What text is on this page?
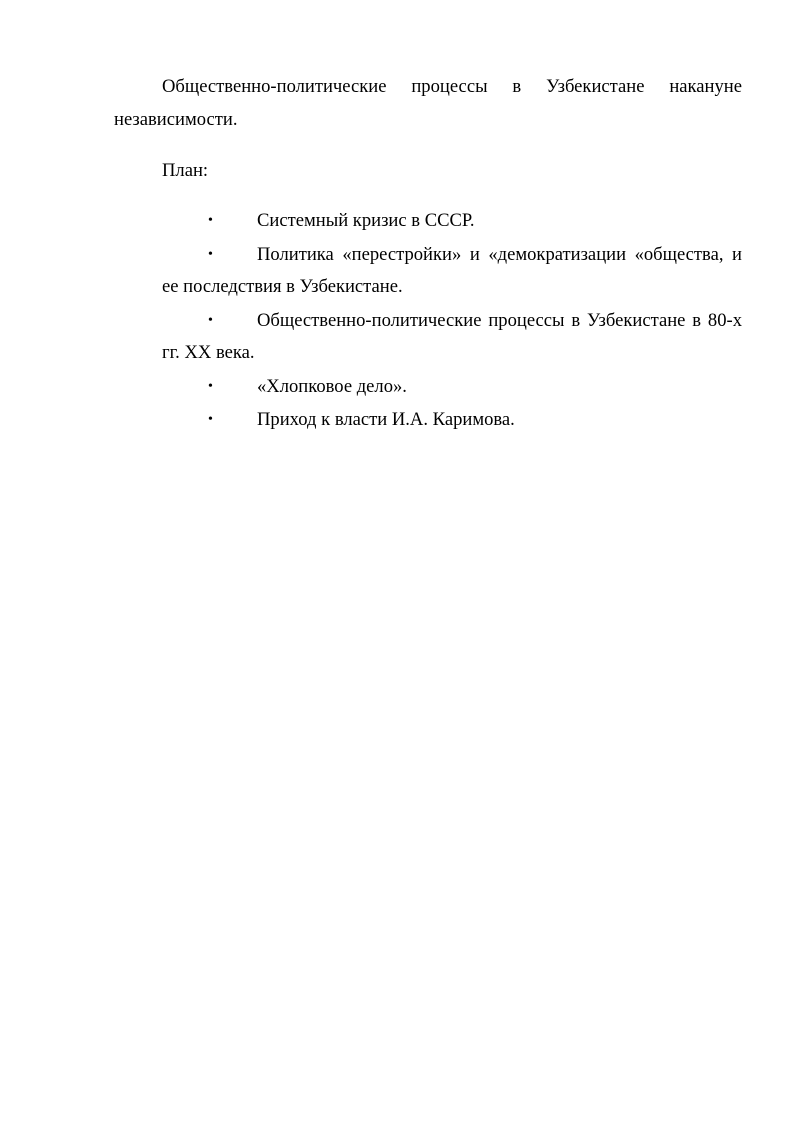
Общественно-политические процессы в Узбекистане накануне независимости.

План:

• Системный кризис в СССР.
• Политика «перестройки» и «демократизации «общества, и ее последствия в Узбекистане.
• Общественно-политические процессы в Узбекистане в 80-х гг. XX века.
• «Хлопковое дело».
• Приход к власти И.А. Каримова.
